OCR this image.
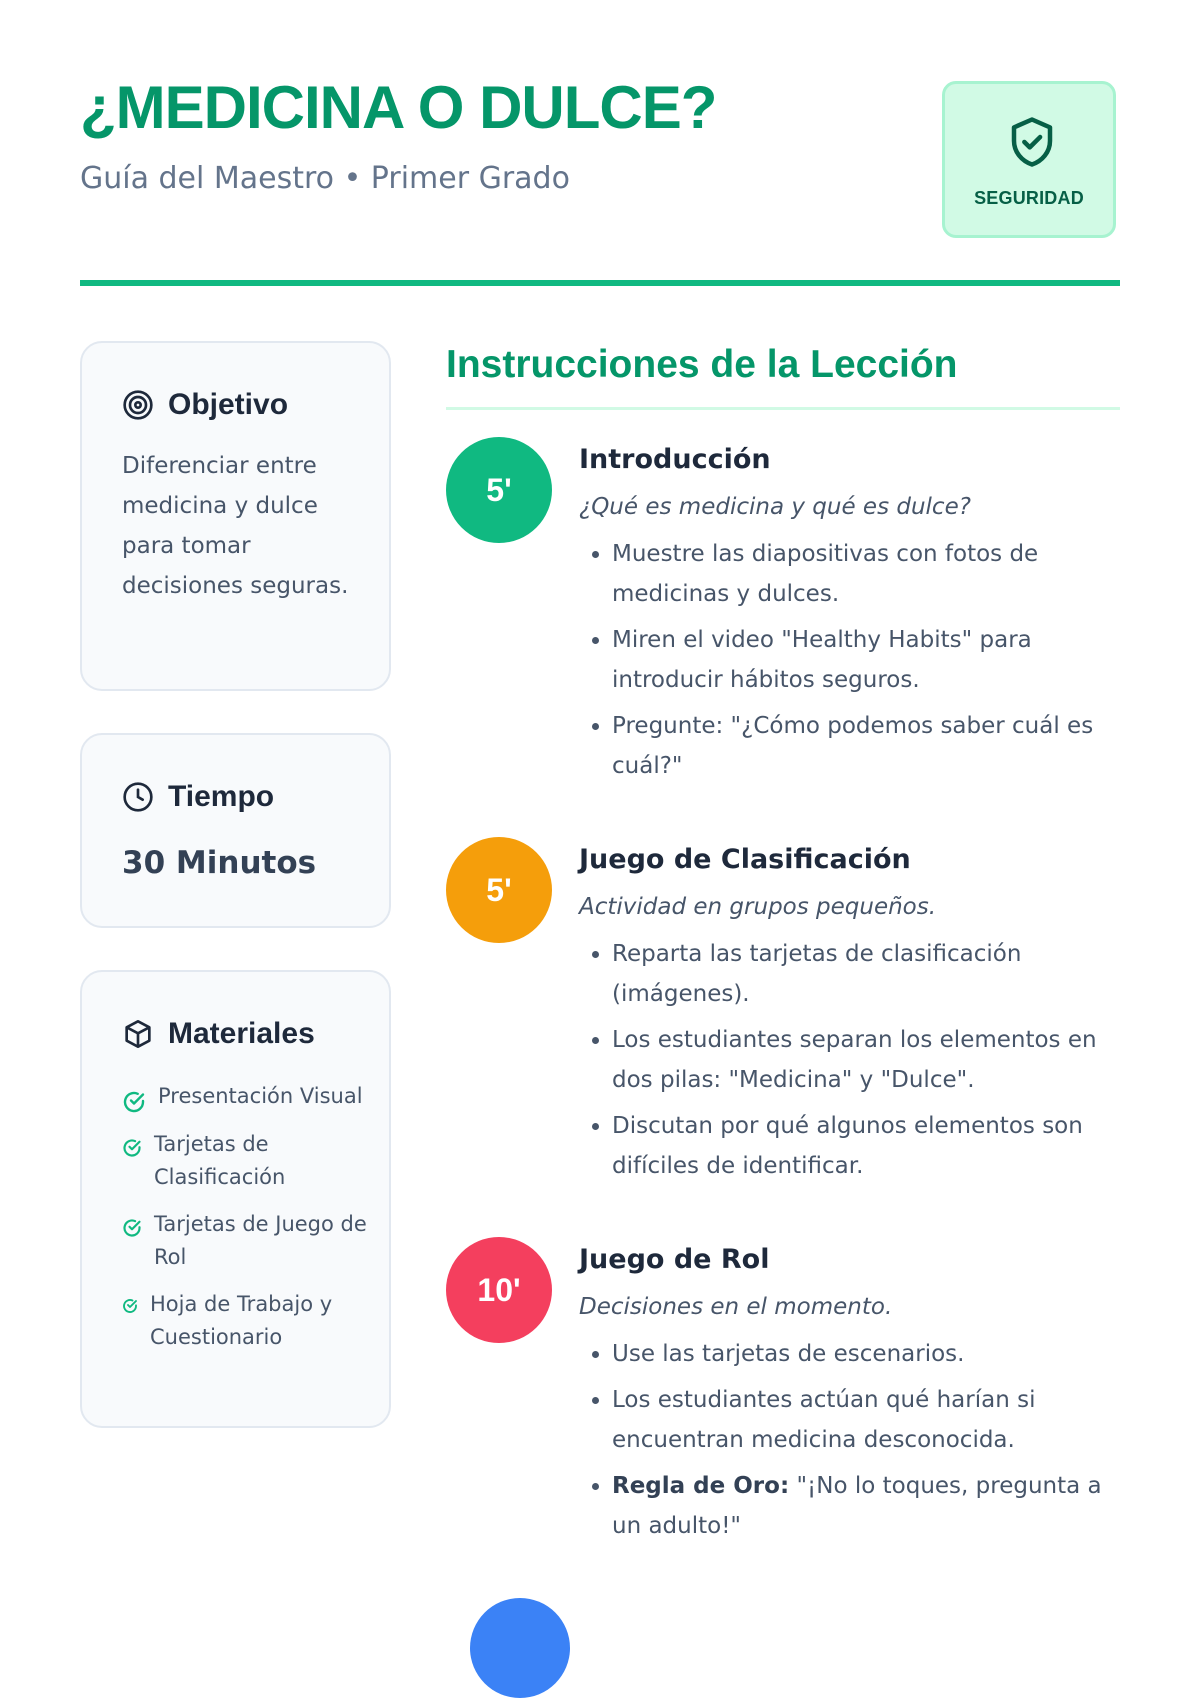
¿MEDICINA O DULCE?
Guía del Maestro • Primer Grado
SEGURIDAD
Objetivo
Diferenciar entre medicina y dulce para tomar decisiones seguras.
Tiempo
30 Minutos
Materiales
Presentación Visual
Tarjetas de Clasificación
Tarjetas de Juego de Rol
Hoja de Trabajo y Cuestionario
Instrucciones de la Lección
5'
Introducción
¿Qué es medicina y qué es dulce?
• Muestre las diapositivas con fotos de medicinas y dulces.
• Miren el video "Healthy Habits" para introducir hábitos seguros.
• Pregunte: "¿Cómo podemos saber cuál es cuál?"
5'
Juego de Clasificación
Actividad en grupos pequeños.
• Reparta las tarjetas de clasificación (imágenes).
• Los estudiantes separan los elementos en dos pilas: "Medicina" y "Dulce".
• Discutan por qué algunos elementos son difíciles de identificar.
10'
Juego de Rol
Decisiones en el momento.
• Use las tarjetas de escenarios.
• Los estudiantes actúan qué harían si encuentran medicina desconocida.
• Regla de Oro: "¡No lo toques, pregunta a un adulto!"
